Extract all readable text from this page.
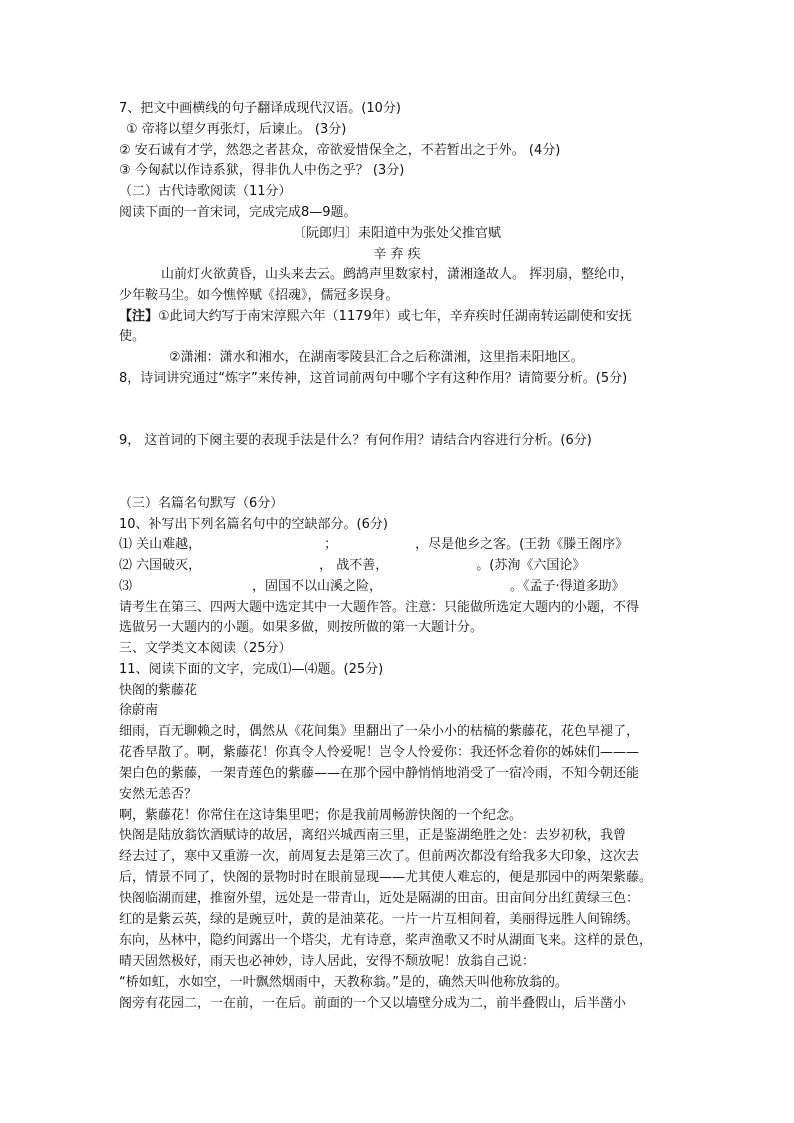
7、把文中画横线的句子翻译成现代汉语。(10分)
① 帝将以望夕再张灯，后谏止。 (3分)
② 安石诚有才学，然怨之者甚众，帝欲爱惜保全之，不若暂出之于外。 (4分)
③ 今匈弑以作诗系狱，得非仇人中伤之乎？ (3分)
（二）古代诗歌阅读（11分）
阅读下面的一首宋词，完成完成8—9题。
〔阮郎归〕耒阳道中为张处父推官赋
辛 弃 疾
山前灯火欲黄昏，山头来去云。鹧鸪声里数家村，潇湘逢故人。 挥羽扇，整纶巾，
少年鞍马尘。如今憔悴赋《招魂》，儒冠多误身。
【注】①此词大约写于南宋淳熙六年（1179年）或七年，辛弃疾时任湖南转运副使和安抚
使。
②潇湘：潇水和湘水，在湖南零陵县汇合之后称潇湘，这里指耒阳地区。
8，诗词讲究通过“炼字”来传神，这首词前两句中哪个字有这种作用？请简要分析。(5分)
9， 这首词的下阕主要的表现手法是什么？有何作用？请结合内容进行分析。(6分)
（三）名篇名句默写（6分）
10、补写出下列名篇名句中的空缺部分。(6分)
⑴ 关山难越，	；	，尽是他乡之客。(王勃《滕王阁序》
⑵ 六国破灭，	， 战不善，	。(苏洵《六国论》
⑶	，固国不以山溪之险，	。《孟子·得道多助》
请考生在第三、四两大题中选定其中一大题作答。注意：只能做所选定大题内的小题，不得
选做另一大题内的小题。如果多做，则按所做的第一大题计分。
三、文学类文本阅读（25分）
11、阅读下面的文字，完成⑴—⑷题。(25分)
快阁的紫藤花
徐蔚南
细雨，百无聊赖之时，偶然从《花间集》里翻出了一朵小小的枯槁的紫藤花，花色早褪了，
花香早散了。啊，紫藤花！你真令人怜爱呢！岂令人怜爱你：我还怀念着你的姊妹们———
架白色的紫藤，一架青莲色的紫藤——在那个园中静悄悄地消受了一宿冷雨，不知今朝还能
安然无恙否？
啊，紫藤花！你常住在这诗集里吧；你是我前周畅游快阁的一个纪念。
快阁是陆放翁饮酒赋诗的故居，离绍兴城西南三里，正是鉴湖绝胜之处：去岁初秋，我曾
经去过了，寒中又重游一次，前周复去是第三次了。但前两次都没有给我多大印象，这次去
后，情景不同了，快阁的景物时时在眼前显现——尤其使人难忘的，便是那园中的两架紫藤。
快阁临湖而建，推窗外望，远处是一带青山，近处是隔湖的田亩。田亩间分出红黄绿三色：
红的是紫云英，绿的是豌豆叶，黄的是油菜花。一片一片互相间着，美丽得远胜人间锦绣。
东向，丛林中，隐约间露出一个塔尖，尤有诗意，桨声渔歌又不时从湖面飞来。这样的景色，
晴天固然极好，雨天也必神妙，诗人居此，安得不颓放呢！放翁自己说：
“桥如虹，水如空，一叶飘然烟雨中，天教称翁。”是的，确然天叫他称放翁的。
阁旁有花园二，一在前，一在后。前面的一个又以墙壁分成为二，前半叠假山，后半凿小
